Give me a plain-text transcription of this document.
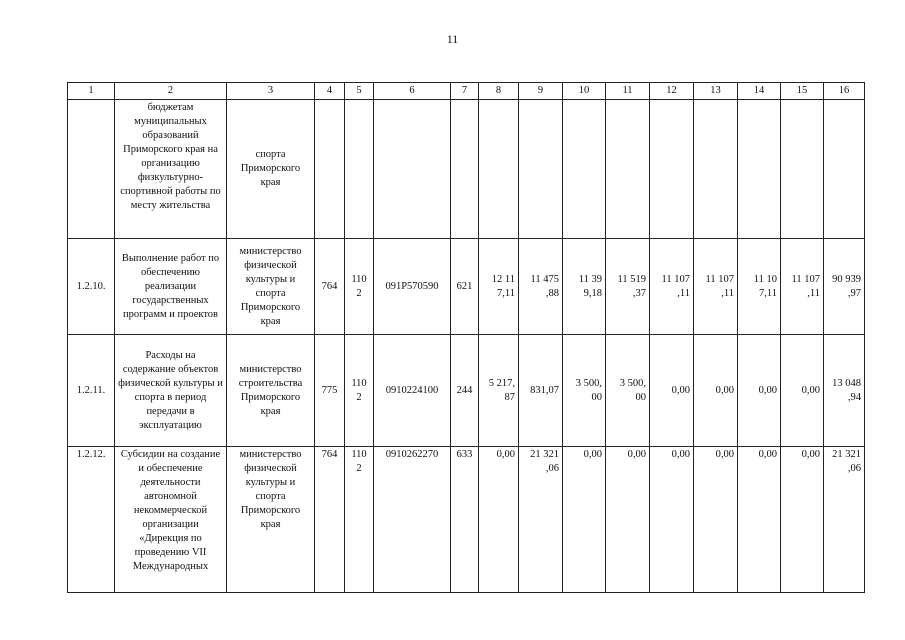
11
1	2	3	4	5	6	7	8	9	10	11	12	13	14	15	16
	бюджетам муниципальных образований Приморского края на организацию физкультурно-спортивной работы по месту жительства	спорта Приморского края													
1.2.10.	Выполнение работ по обеспечению реализации государственных программ и проектов	министерство физической культуры и спорта Приморского края	764	110 2	091P570590	621	12 11 7,11	11 475 ,88	11 39 9,18	11 519 ,37	11 107 ,11	11 107 ,11	11 10 7,11	11 107 ,11	90 939 ,97
1.2.11.	Расходы на содержание объектов физической культуры и спорта в период передачи в эксплуатацию	министерство строительства Приморского края	775	110 2	0910224100	244	5 217, 87	831,07	3 500, 00	3 500, 00	0,00	0,00	0,00	0,00	13 048 ,94
1.2.12.	Субсидии на создание и обеспечение деятельности автономной некоммерческой организации «Дирекция по проведению VII Международных	министерство физической культуры и спорта Приморского края	764	110 2	0910262270	633	0,00	21 321 ,06	0,00	0,00	0,00	0,00	0,00	0,00	21 321 ,06
